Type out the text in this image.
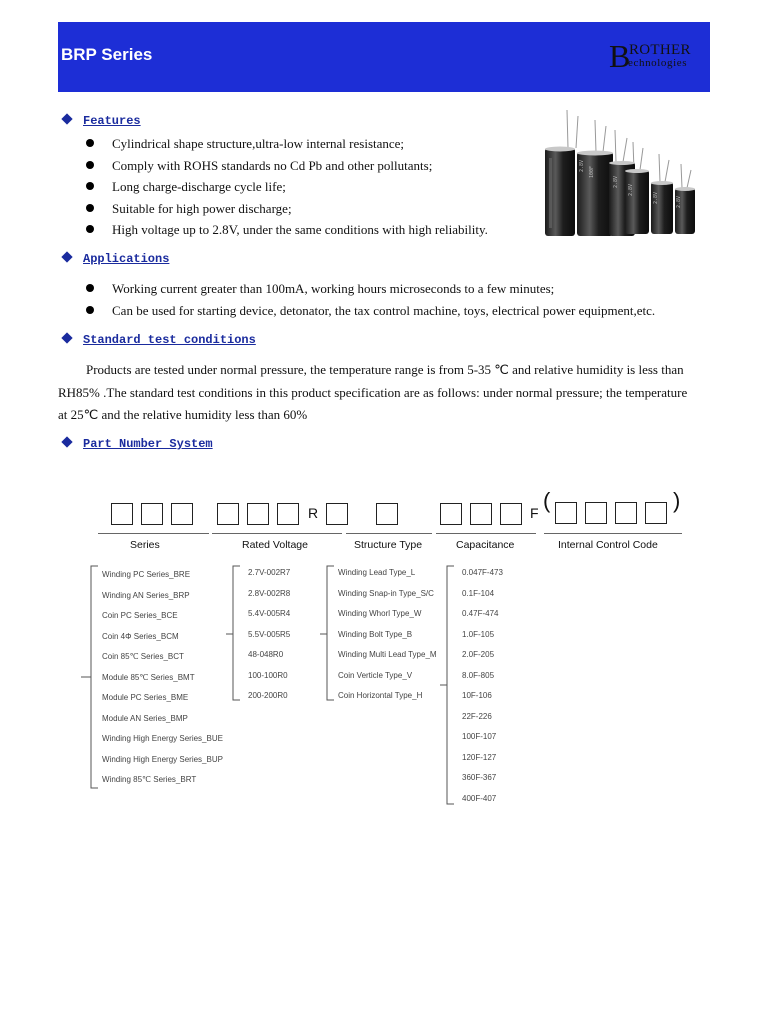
BRP Series	B
ROTHER
echnologies
Features
Cylindrical shape structure,ultra-low internal resistance;
Comply with ROHS standards no Cd Pb and other pollutants;
Long charge-discharge cycle life;
Suitable for high power discharge;
High voltage up to 2.8V, under the same conditions with high reliability.
2.8V 100F
2.8V
2.8V
2.8V	2.8V
Applications
Working current greater than 100mA, working hours microseconds to a few minutes;
Can be used for starting device, detonator, the tax control machine, toys, electrical power equipment,etc.
Standard test conditions
Products are tested under normal pressure, the temperature range is from 5-35 ℃ and relative humidity is less than RH85% .The standard test conditions in this product specification are as follows: under normal pressure; the temperature at 25℃ and the relative humidity less than 60%
Part Number System
R	F (	)
Series	Rated Voltage	Structure Type	Capacitance	Internal Control Code
Winding PC Series_BRE
Winding AN Series_BRP
Coin PC Series_BCE
Coin 4Φ Series_BCM
Coin 85℃ Series_BCT
Module 85℃ Series_BMT
Module PC Series_BME
Module AN Series_BMP
Winding High Energy Series_BUE
Winding High Energy Series_BUP
Winding 85℃ Series_BRT
2.7V-002R7
2.8V-002R8
5.4V-005R4
5.5V-005R5
48-048R0
100-100R0
200-200R0
Winding Lead Type_L
Winding Snap-in Type_S/C
Winding Whorl Type_W
Winding Bolt Type_B
Winding Multi Lead Type_M
Coin Verticle Type_V
Coin Horizontal Type_H
0.047F-473
0.1F-104
0.47F-474
1.0F-105
2.0F-205
8.0F-805
10F-106
22F-226
100F-107
120F-127
360F-367
400F-407
